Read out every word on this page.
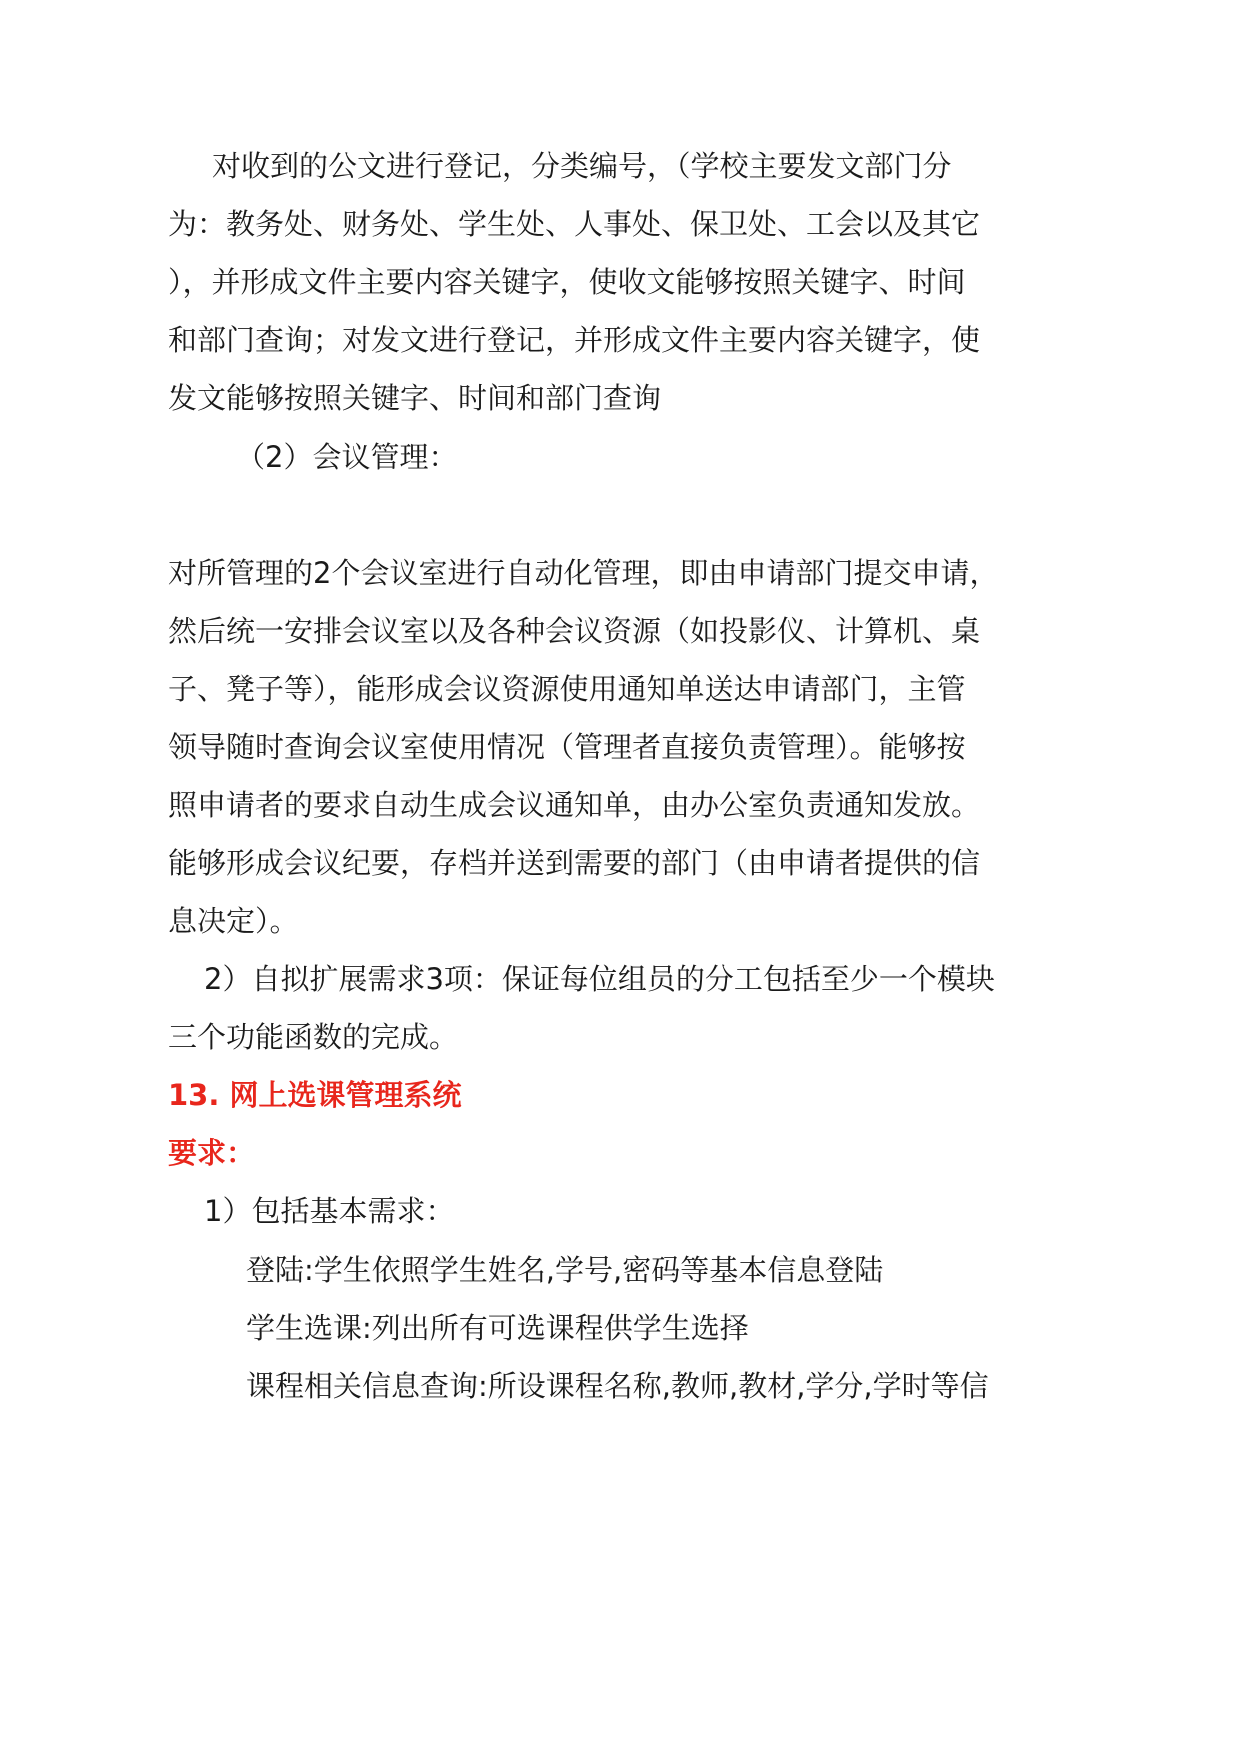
对收到的公文进行登记，分类编号，（学校主要发文部门分
为：教务处、财务处、学生处、人事处、保卫处、工会以及其它
），并形成文件主要内容关键字，使收文能够按照关键字、时间
和部门查询；对发文进行登记，并形成文件主要内容关键字，使
发文能够按照关键字、时间和部门查询
（2）会议管理：
对所管理的2个会议室进行自动化管理，即由申请部门提交申请，
然后统一安排会议室以及各种会议资源（如投影仪、计算机、桌
子、凳子等），能形成会议资源使用通知单送达申请部门，主管
领导随时查询会议室使用情况（管理者直接负责管理）。能够按
照申请者的要求自动生成会议通知单，由办公室负责通知发放。
能够形成会议纪要，存档并送到需要的部门（由申请者提供的信
息决定）。
2）自拟扩展需求3项：保证每位组员的分工包括至少一个模块
三个功能函数的完成。
13. 网上选课管理系统
要求：
1）包括基本需求：
登陆:学生依照学生姓名,学号,密码等基本信息登陆
学生选课:列出所有可选课程供学生选择
课程相关信息查询:所设课程名称,教师,教材,学分,学时等信
